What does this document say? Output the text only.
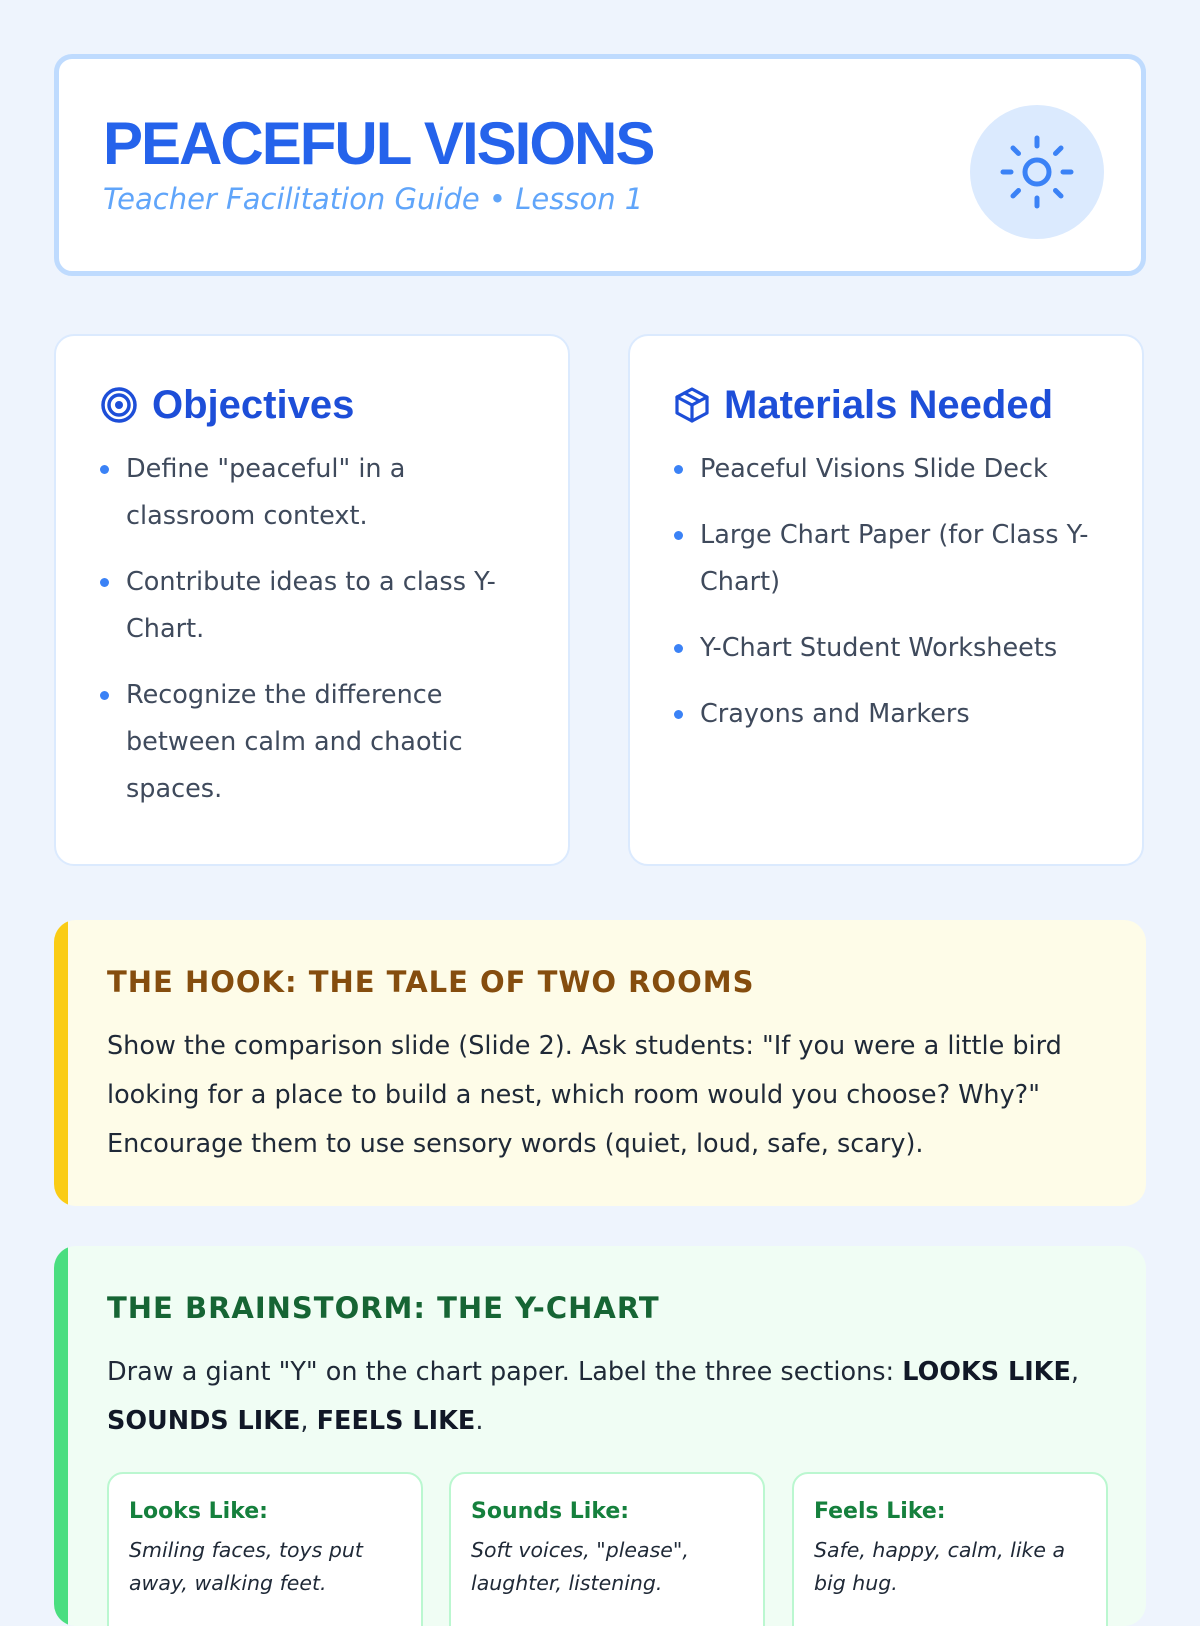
PEACEFUL VISIONS
Teacher Facilitation Guide • Lesson 1
Objectives
Define "peaceful" in a classroom context.
Contribute ideas to a class Y-Chart.
Recognize the difference between calm and chaotic spaces.
Materials Needed
Peaceful Visions Slide Deck
Large Chart Paper (for Class Y-Chart)
Y-Chart Student Worksheets
Crayons and Markers
THE HOOK: THE TALE OF TWO ROOMS
Show the comparison slide (Slide 2). Ask students: "If you were a little bird looking for a place to build a nest, which room would you choose? Why?" Encourage them to use sensory words (quiet, loud, safe, scary).
THE BRAINSTORM: THE Y-CHART
Draw a giant "Y" on the chart paper. Label the three sections: LOOKS LIKE, SOUNDS LIKE, FEELS LIKE.
Looks Like:
Smiling faces, toys put away, walking feet.
Sounds Like:
Soft voices, "please", laughter, listening.
Feels Like:
Safe, happy, calm, like a big hug.
